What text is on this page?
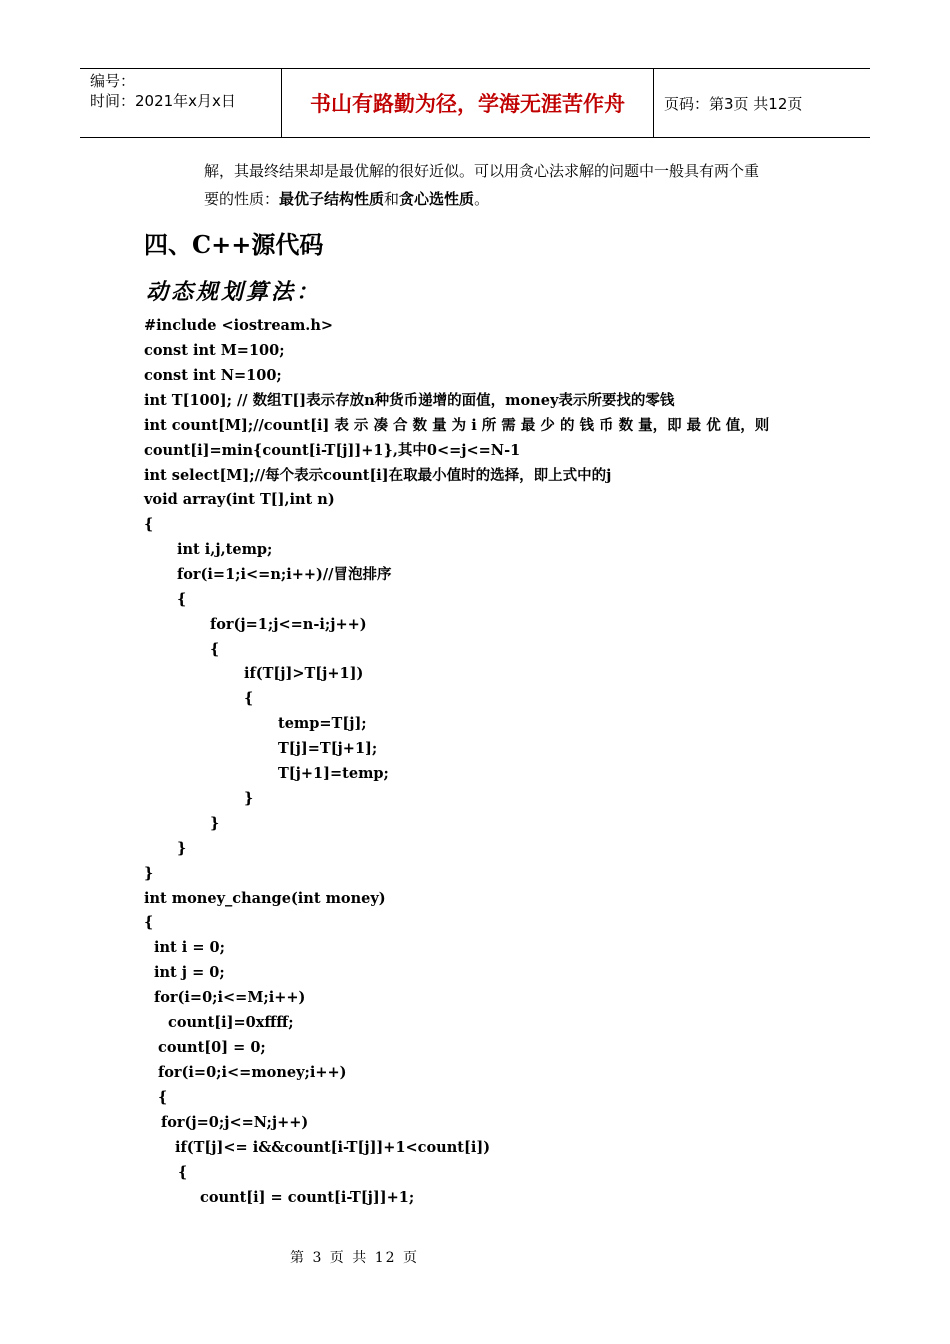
编号：
时间：2021年x月x日	书山有路勤为径，学海无涯苦作舟	页码：第3页 共12页
解，其最终结果却是最优解的很好近似。可以用贪心法求解的问题中一般具有两个重
要的性质：最优子结构性质和贪心选性质。
四、C++源代码
动态规划算法：
#include <iostream.h>
const int M=100;
const int N=100;
int T[100]; // 数组T[]表示存放n种货币递增的面值，money表示所要找的零钱
int count[M];//count[i] 表 示 凑 合 数 量 为 i 所 需 最 少 的 钱 币 数 量，即 最 优 值，则
count[i]=min{count[i-T[j]]+1},其中0<=j<=N-1
int select[M];//每个表示count[i]在取最小值时的选择，即上式中的j
void array(int T[],int n)
{
int i,j,temp;
for(i=1;i<=n;i++)//冒泡排序
{
for(j=1;j<=n-i;j++)
{
if(T[j]>T[j+1])
{
temp=T[j];
T[j]=T[j+1];
T[j+1]=temp;
}
}
}
}
int money_change(int money)
{
int i = 0;
int j = 0;
for(i=0;i<=M;i++)
count[i]=0xffff;
count[0] = 0;
for(i=0;i<=money;i++)
{
for(j=0;j<=N;j++)
if(T[j]<= i&&count[i-T[j]]+1<count[i])
{
count[i] = count[i-T[j]]+1;
第 3 页 共 12 页
